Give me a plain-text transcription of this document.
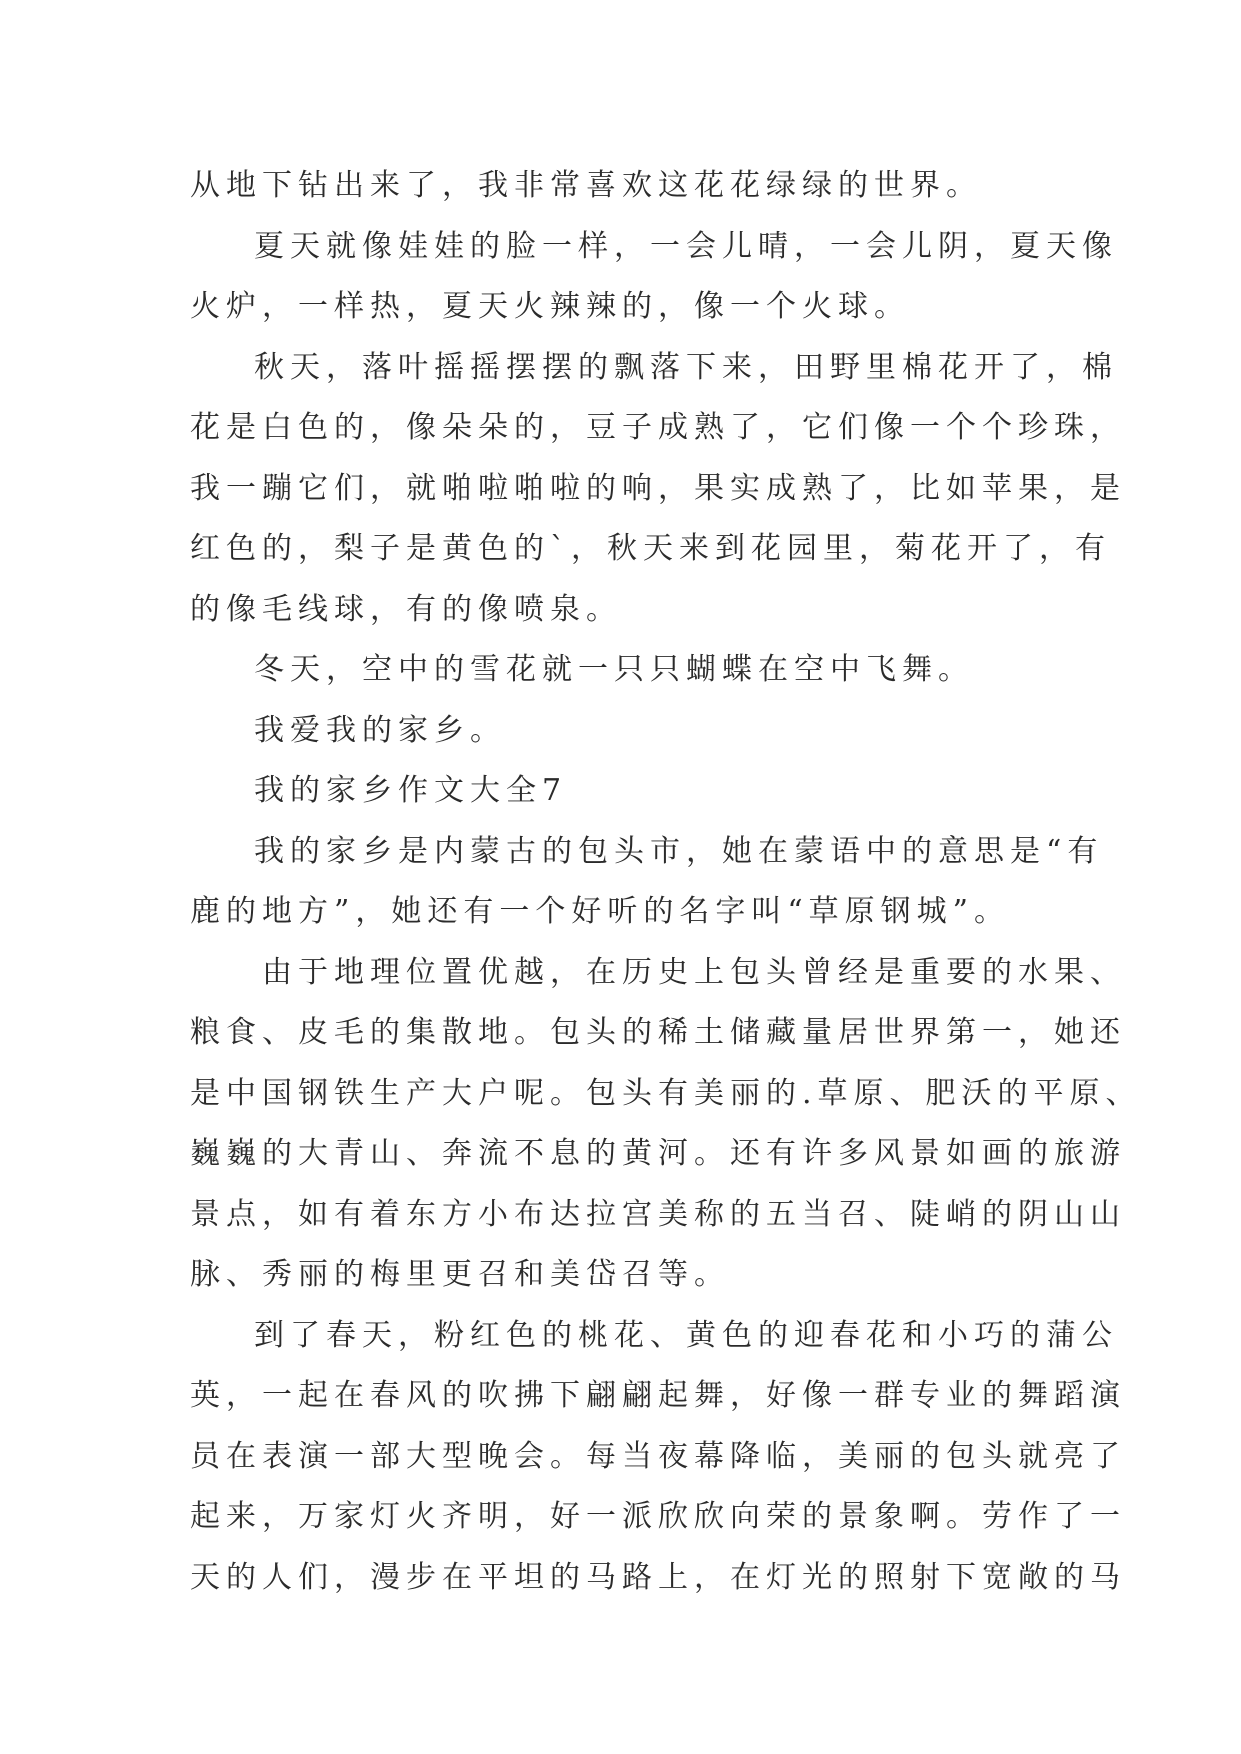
从地下钻出来了，我非常喜欢这花花绿绿的世界。
夏天就像娃娃的脸一样，一会儿晴，一会儿阴，夏天像
火炉，一样热，夏天火辣辣的，像一个火球。
秋天，落叶摇摇摆摆的飘落下来，田野里棉花开了，棉
花是白色的，像朵朵的，豆子成熟了，它们像一个个珍珠，
我一蹦它们，就啪啦啪啦的响，果实成熟了，比如苹果，是
红色的，梨子是黄色的`，秋天来到花园里，菊花开了，有
的像毛线球，有的像喷泉。
冬天，空中的雪花就一只只蝴蝶在空中飞舞。
我爱我的家乡。
我的家乡作文大全7
我的家乡是内蒙古的包头市，她在蒙语中的意思是“有
鹿的地方”，她还有一个好听的名字叫“草原钢城”。
由于地理位置优越，在历史上包头曾经是重要的水果、
粮食、皮毛的集散地。包头的稀土储藏量居世界第一，她还
是中国钢铁生产大户呢。包头有美丽的.草原、肥沃的平原、
巍巍的大青山、奔流不息的黄河。还有许多风景如画的旅游
景点，如有着东方小布达拉宫美称的五当召、陡峭的阴山山
脉、秀丽的梅里更召和美岱召等。
到了春天，粉红色的桃花、黄色的迎春花和小巧的蒲公
英，一起在春风的吹拂下翩翩起舞，好像一群专业的舞蹈演
员在表演一部大型晚会。每当夜幕降临，美丽的包头就亮了
起来，万家灯火齐明，好一派欣欣向荣的景象啊。劳作了一
天的人们，漫步在平坦的马路上，在灯光的照射下宽敞的马
